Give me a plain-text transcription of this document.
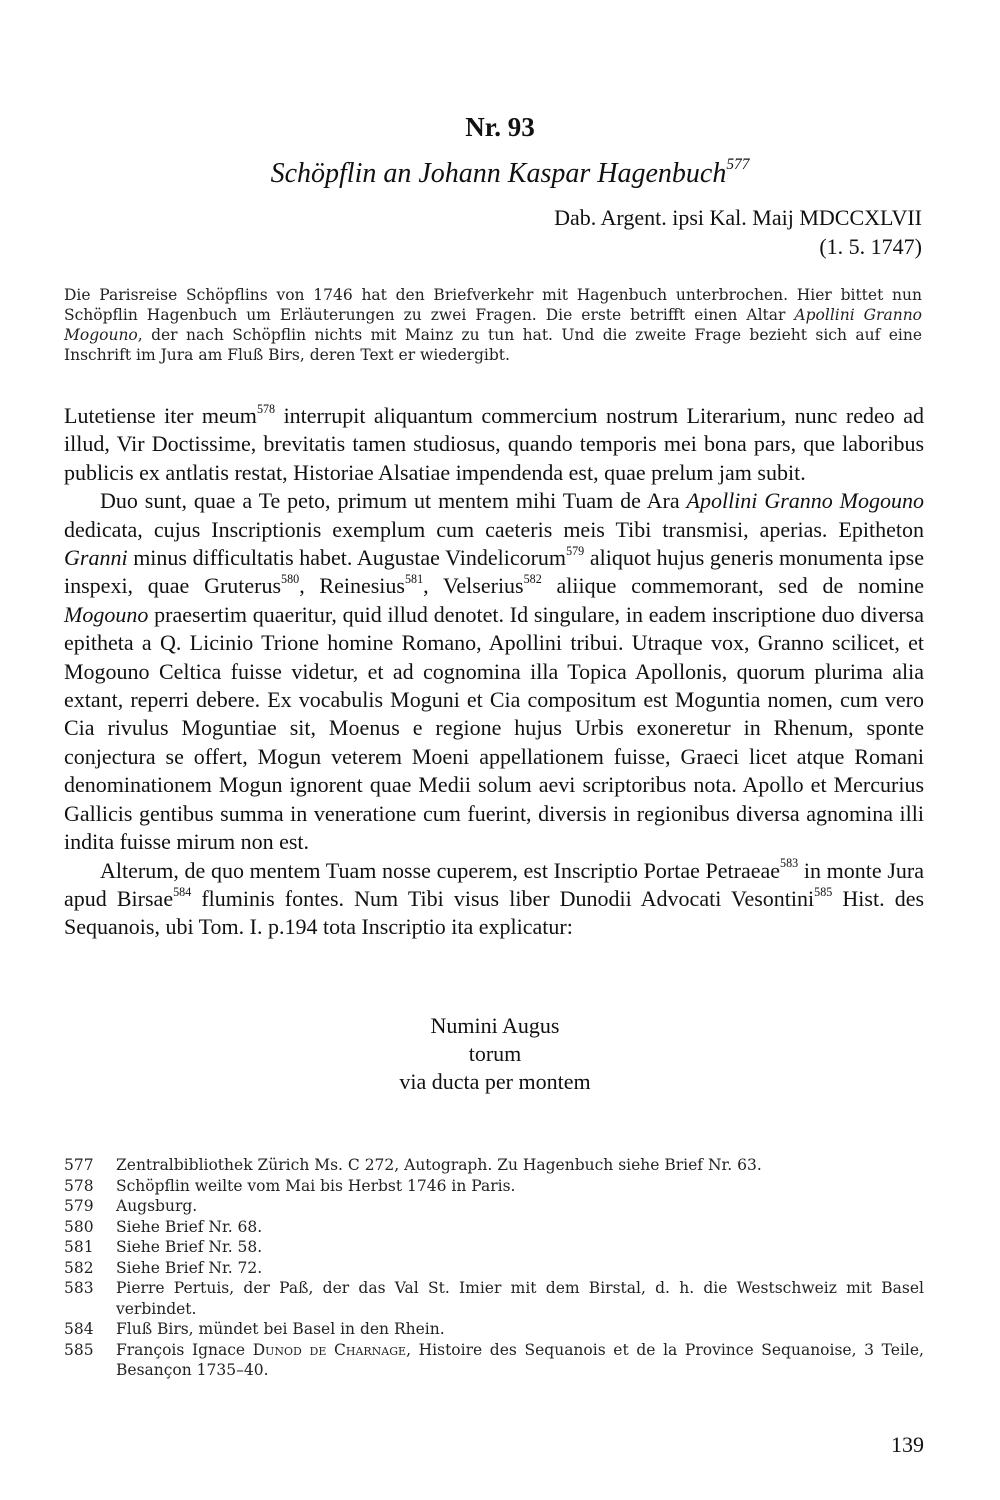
Nr. 93
Schöpflin an Johann Kaspar Hagenbuch$^{577}$
Dab. Argent. ipsi Kal. Maij MDCCXLVII
(1. 5. 1747)
Die Parisreise Schöpflins von 1746 hat den Briefverkehr mit Hagenbuch unterbrochen. Hier bittet nun Schöpflin Hagenbuch um Erläuterungen zu zwei Fragen. Die erste betrifft einen Altar Apollini Granno Mogouno, der nach Schöpflin nichts mit Mainz zu tun hat. Und die zweite Frage bezieht sich auf eine Inschrift im Jura am Fluß Birs, deren Text er wiedergibt.

Lutetiense iter meum$^{578}$ interrupit aliquantum commercium nostrum Literarium, nunc redeo ad illud, Vir Doctissime, brevitatis tamen studiosus, quando temporis mei bona pars, que laboribus publicis ex antlatis restat, Historiae Alsatiae impendenda est, quae prelum jam subit.

Duo sunt, quae a Te peto, primum ut mentem mihi Tuam de Ara Apollini Granno Mogouno dedicata, cujus Inscriptionis exemplum cum caeteris meis Tibi transmisi, aperias. Epitheton Granni minus difficultatis habet. Augustae Vindelicorum$^{579}$ aliquot hujus generis monumenta ipse inspexi, quae Gruterus$^{580}$, Reinesius$^{581}$, Velserius$^{582}$ aliique commemorant, sed de nomine Mogouno praesertim quaeritur, quid illud denotet. Id singulare, in eadem inscriptione duo diversa epitheta a Q. Licinio Trione homine Romano, Apollini tribui. Utraque vox, Granno scilicet, et Mogouno Celtica fuisse videtur, et ad cognomina illa Topica Apollonis, quorum plurima alia extant, reperri debere. Ex vocabulis Moguni et Cia compositum est Moguntia nomen, cum vero Cia rivulus Moguntiae sit, Moenus e regione hujus Urbis exoneretur in Rhenum, sponte conjectura se offert, Mogun veterem Moeni appellationem fuisse, Graeci licet atque Romani denominationem Mogun ignorent quae Medii solum aevi scriptoribus nota. Apollo et Mercurius Gallicis gentibus summa in veneratione cum fuerint, diversis in regionibus diversa agnomina illi indita fuisse mirum non est.

Alterum, de quo mentem Tuam nosse cuperem, est Inscriptio Portae Petraeae$^{583}$ in monte Jura apud Birsae$^{584}$ fluminis fontes. Num Tibi visus liber Dunodii Advocati Vesontini$^{585}$ Hist. des Sequanois, ubi Tom. I. p.194 tota Inscriptio ita explicatur:

Numini Augus
torum
via ducta per montem
577	Zentralbibliothek Zürich Ms. C 272, Autograph. Zu Hagenbuch siehe Brief Nr. 63.
578	Schöpflin weilte vom Mai bis Herbst 1746 in Paris.
579	Augsburg.
580	Siehe Brief Nr. 68.
581	Siehe Brief Nr. 58.
582	Siehe Brief Nr. 72.
583	Pierre Pertuis, der Paß, der das Val St. Imier mit dem Birstal, d. h. die Westschweiz mit Basel verbindet.
584	Fluß Birs, mündet bei Basel in den Rhein.
585	François Ignace Dunod de Charnage, Histoire des Sequanois et de la Province Sequanoise, 3 Teile, Besançon 1735–40.
139
